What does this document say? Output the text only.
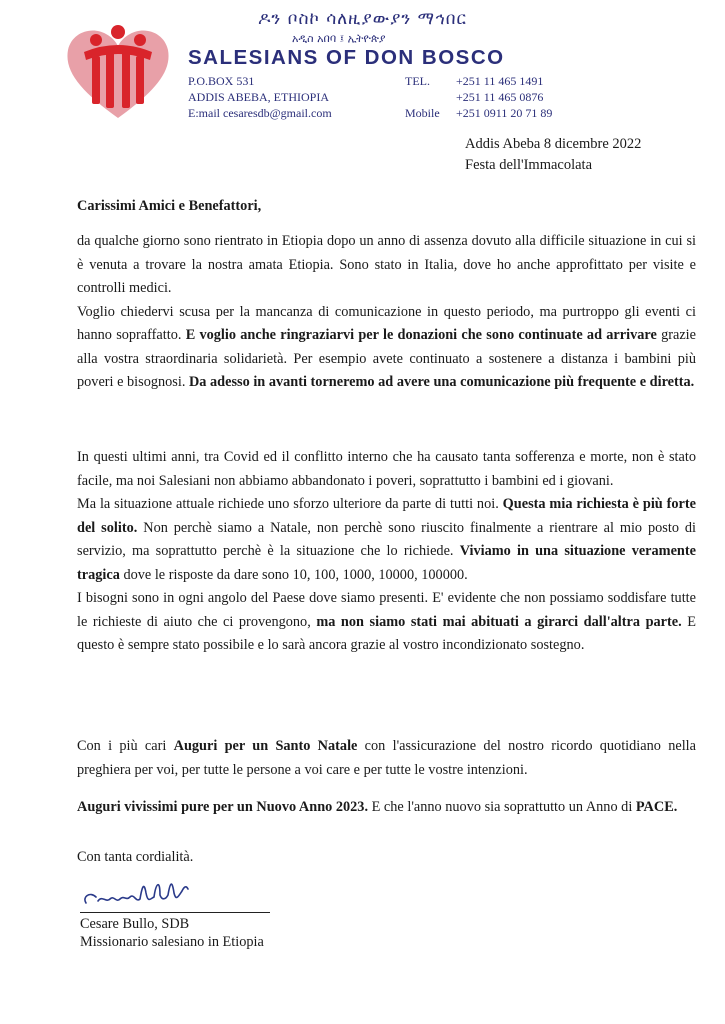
ዶን ቦስኮ ሳለዚያውያን ማኅበር
አዲስ አበባ ፤ ኢትዮጵያ
SALESIANS OF DON BOSCO
P.O.BOX 531
ADDIS ABEBA, ETHIOPIA
E:mail cesaresdb@gmail.com
TEL.

Mobile
+251 11 465 1491
+251 11 465 0876
+251 0911 20 71 89
Addis Abeba 8 dicembre 2022
Festa dell'Immacolata
Carissimi Amici e Benefattori,

da qualche giorno sono rientrato in Etiopia dopo un anno di assenza dovuto alla difficile situazione in cui si è venuta a trovare la nostra amata Etiopia. Sono stato in Italia, dove ho anche approfittato per visite e controlli medici.

Voglio chiedervi scusa per la mancanza di comunicazione in questo periodo, ma purtroppo gli eventi ci hanno sopraffatto. E voglio anche ringraziarvi per le donazioni che sono continuate ad arrivare grazie alla vostra straordinaria solidarietà. Per esempio avete continuato a sostenere a distanza i bambini più poveri e bisognosi. Da adesso in avanti torneremo ad avere una comunicazione più frequente e diretta.

In questi ultimi anni, tra Covid ed il conflitto interno che ha causato tanta sofferenza e morte, non è stato facile, ma noi Salesiani non abbiamo abbandonato i poveri, soprattutto i bambini ed i giovani.

Ma la situazione attuale richiede uno sforzo ulteriore da parte di tutti noi. Questa mia richiesta è più forte del solito. Non perchè siamo a Natale, non perchè sono riuscito finalmente a rientrare al mio posto di servizio, ma soprattutto perchè è la situazione che lo richiede. Viviamo in una situazione veramente tragica dove le risposte da dare sono 10, 100, 1000, 10000, 100000.

I bisogni sono in ogni angolo del Paese dove siamo presenti. E' evidente che non possiamo soddisfare tutte le richieste di aiuto che ci provengono, ma non siamo stati mai abituati a girarci dall'altra parte. E questo è sempre stato possibile e lo sarà ancora grazie al vostro incondizionato sostegno.

Con i più cari Auguri per un Santo Natale con l'assicurazione del nostro ricordo quotidiano nella preghiera per voi, per tutte le persone a voi care e per tutte le vostre intenzioni.

Auguri vivissimi pure per un Nuovo Anno 2023. E che l'anno nuovo sia soprattutto un Anno di PACE.

Con tanta cordialità.
Cesare Bullo, SDB
Missionario salesiano in Etiopia
